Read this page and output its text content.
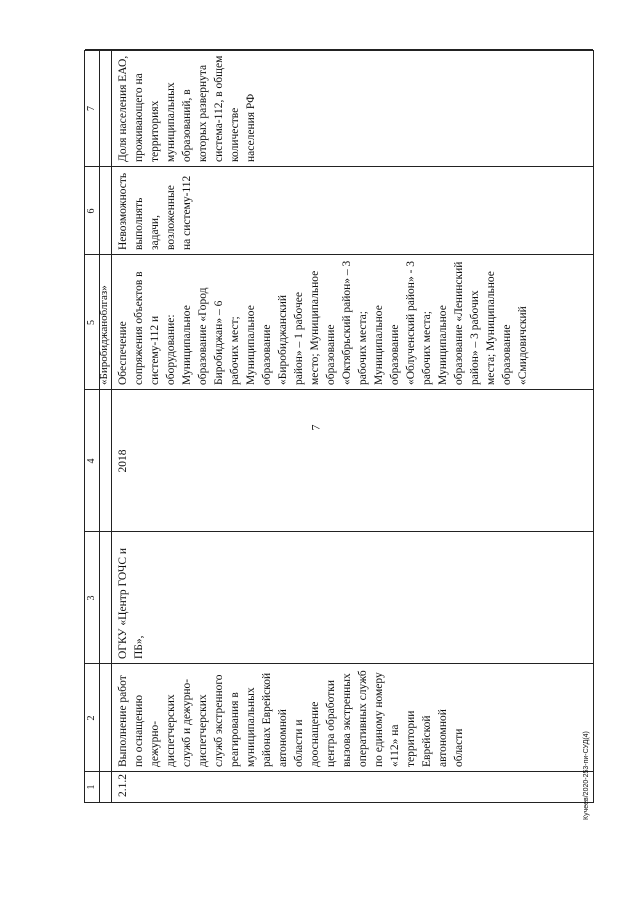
7
1
2
3
4
5
6
7
«Биробиджанoблгаз»
2.1.2
Выполнение работ по оснащению дежурно-диспетчерских служб и дежурно-диспетчерских служб экстренного реагирования в муниципальных районах Еврейской автономной области и дооснащение центра обработки вызова экстренных оперативных служб по единому номеру «112» на территории Еврейской автономной области
ОГКУ «Центр ГОЧС и ПБ»,
2018
Обеспечение сопряжения объектов в систему-112 и оборудование: Муниципальное образование «Город Биробиджан» – 6 рабочих мест; Муниципальное образование «Биробиджанский район» – 1 рабочее место; Муниципальное образование «Октябрьский район» – 3 рабочих места; Муниципальное образование «Облученский район» - 3 рабочих места; Муниципальное образование «Ленинский район» – 3 рабочих места; Муниципальное образование «Смидовичский
Невозможность выполнять задачи, возложенные на систему-112
Доля населения ЕАО, проживающего на территориях муниципальных образований, в которых развернута система-112, в общем количестве населения РФ
Кучеев/2020-253-пи-СУД(4)
